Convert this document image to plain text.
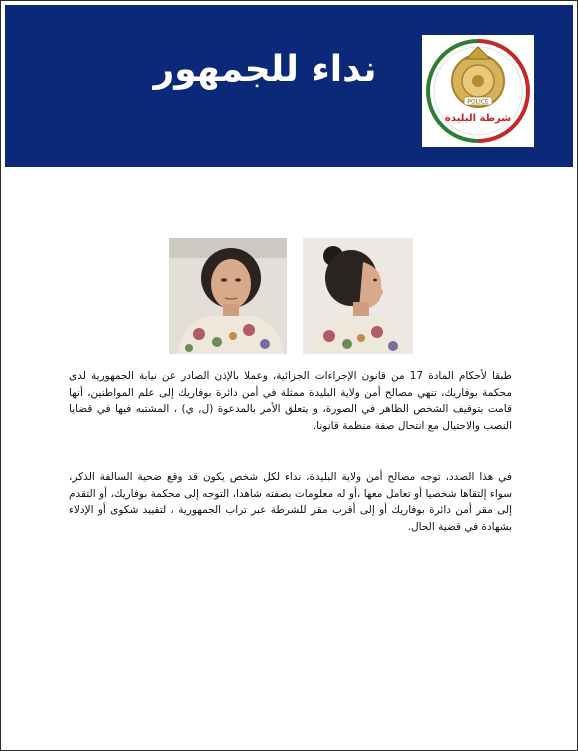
نداء للجمهور
POLICE
شرطة البليدة

طبقا لأحكام المادة 17 من قانون الإجراءات الجزائية، وعملا بالإذن الصادر عن نيابة الجمهورية لدى محكمة بوفاريك، تنهي مصالح أمن ولاية البليدة ممثلة في أمن دائرة بوفاريك إلى علم المواطنين، أنها قامت بتوقيف الشخص الظاهر في الصورة، و يتعلق الأمر بالمدعوة (ل, ي) ، المشتبه فيها في قضايا النصب والاحتيال مع انتحال صفة منظمة قانونا.

في هذا الصدد، توجه مصالح أمن ولاية البليدة، نداء لكل شخص يكون قد وقع ضحية السالفة الذكر، سواء إلتقاها شخصيا أو تعامل معها ،أو له معلومات بصفته شاهدا، التوجه إلى محكمة بوفاريك، أو التقدم إلى مقر أمن دائرة بوفاريك أو إلى أقرب مقر للشرطة عبر تراب الجمهورية ، لتقييد شكوى أو الإدلاء بشهادة في قضية الحال.
